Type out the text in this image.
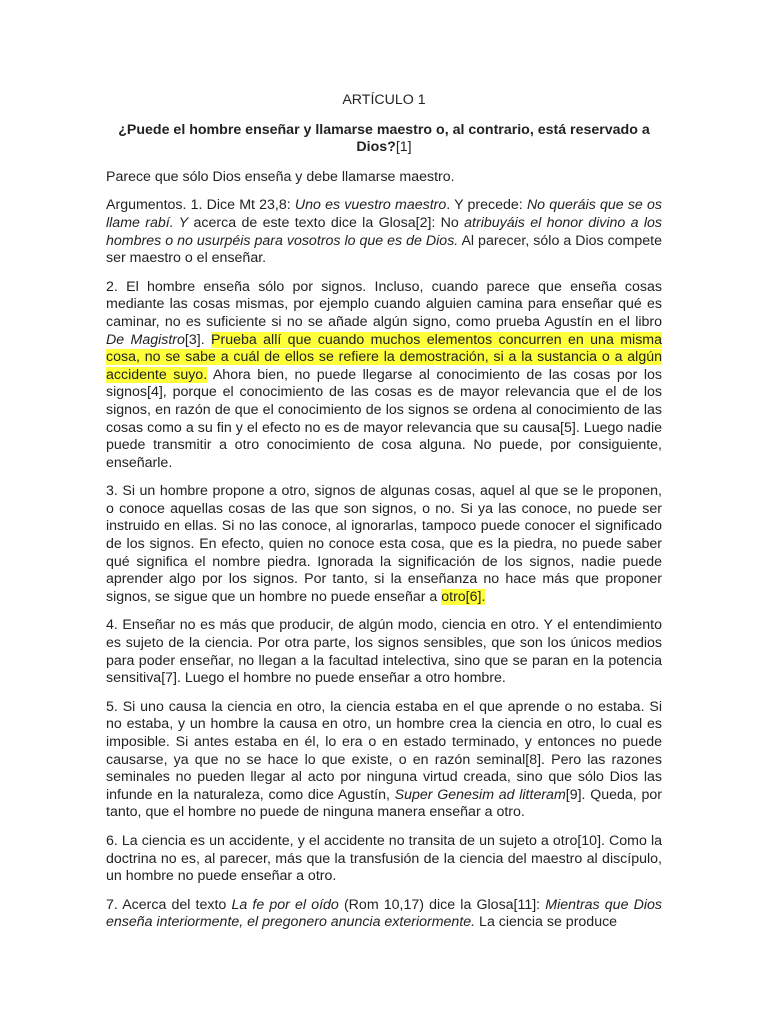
ARTÍCULO 1
¿Puede el hombre enseñar y llamarse maestro o, al contrario, está reservado a Dios?[1]

Parece que sólo Dios enseña y debe llamarse maestro.

Argumentos. 1. Dice Mt 23,8: Uno es vuestro maestro. Y precede: No queráis que se os llame rabí. Y acerca de este texto dice la Glosa[2]: No atribuyáis el honor divino a los hombres o no usurpéis para vosotros lo que es de Dios. Al parecer, sólo a Dios compete ser maestro o el enseñar.

2. El hombre enseña sólo por signos. Incluso, cuando parece que enseña cosas mediante las cosas mismas, por ejemplo cuando alguien camina para enseñar qué es caminar, no es suficiente si no se añade algún signo, como prueba Agustín en el libro De Magistro[3]. Prueba allí que cuando muchos elementos concurren en una misma cosa, no se sabe a cuál de ellos se refiere la demostración, si a la sustancia o a algún accidente suyo. Ahora bien, no puede llegarse al conocimiento de las cosas por los signos[4], porque el conocimiento de las cosas es de mayor relevancia que el de los signos, en razón de que el conocimiento de los signos se ordena al conocimiento de las cosas como a su fin y el efecto no es de mayor relevancia que su causa[5]. Luego nadie puede transmitir a otro conocimiento de cosa alguna. No puede, por consiguiente, enseñarle.

3. Si un hombre propone a otro, signos de algunas cosas, aquel al que se le proponen, o conoce aquellas cosas de las que son signos, o no. Si ya las conoce, no puede ser instruido en ellas. Si no las conoce, al ignorarlas, tampoco puede conocer el significado de los signos. En efecto, quien no conoce esta cosa, que es la piedra, no puede saber qué significa el nombre piedra. Ignorada la significación de los signos, nadie puede aprender algo por los signos. Por tanto, si la enseñanza no hace más que proponer signos, se sigue que un hombre no puede enseñar a otro[6].

4. Enseñar no es más que producir, de algún modo, ciencia en otro. Y el entendimiento es sujeto de la ciencia. Por otra parte, los signos sensibles, que son los únicos medios para poder enseñar, no llegan a la facultad intelectiva, sino que se paran en la potencia sensitiva[7]. Luego el hombre no puede enseñar a otro hombre.

5. Si uno causa la ciencia en otro, la ciencia estaba en el que aprende o no estaba. Si no estaba, y un hombre la causa en otro, un hombre crea la ciencia en otro, lo cual es imposible. Si antes estaba en él, lo era o en estado terminado, y entonces no puede causarse, ya que no se hace lo que existe, o en razón seminal[8]. Pero las razones seminales no pueden llegar al acto por ninguna virtud creada, sino que sólo Dios las infunde en la naturaleza, como dice Agustín, Super Genesim ad litteram[9]. Queda, por tanto, que el hombre no puede de ninguna manera enseñar a otro.

6. La ciencia es un accidente, y el accidente no transita de un sujeto a otro[10]. Como la doctrina no es, al parecer, más que la transfusión de la ciencia del maestro al discípulo, un hombre no puede enseñar a otro.

7. Acerca del texto La fe por el oído (Rom 10,17) dice la Glosa[11]: Mientras que Dios enseña interiormente, el pregonero anuncia exteriormente. La ciencia se produce
